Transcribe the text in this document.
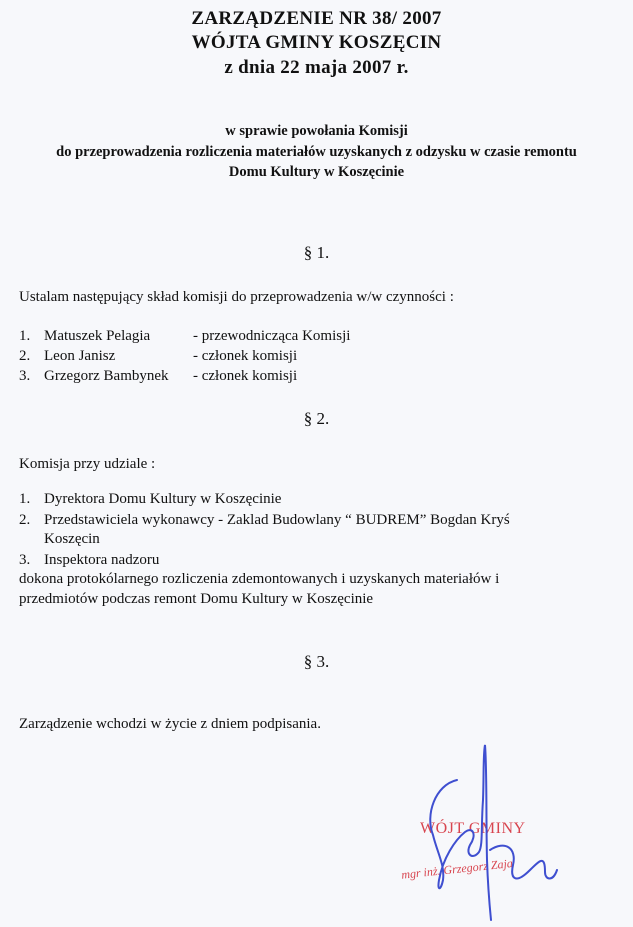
ZARZĄDZENIE NR 38/ 2007
WÓJTA GMINY KOSZĘCIN
z dnia 22 maja 2007 r.
w sprawie powołania Komisji
do przeprowadzenia rozliczenia materiałów uzyskanych z odzysku w czasie remontu
Domu Kultury w Koszęcinie
§ 1.
Ustalam następujący skład komisji do przeprowadzenia w/w czynności :
1. Matuszek Pelagia	- przewodnicząca Komisji
2. Leon Janisz	- członek komisji
3. Grzegorz Bambynek - członek komisji
§ 2.
Komisja przy udziale :
1. Dyrektora Domu Kultury w Koszęcinie
2. Przedstawiciela wykonawcy - Zaklad Budowlany “ BUDREM” Bogdan Kryś
Koszęcin
3. Inspektora nadzoru
dokona protokólarnego rozliczenia zdemontowanych i uzyskanych materiałów i
przedmiotów podczas remont Domu Kultury w Koszęcinie
§ 3.
Zarządzenie wchodzi w życie z dniem podpisania.
WÓJT GMINY
mgr inż. Grzegorz Zaja
